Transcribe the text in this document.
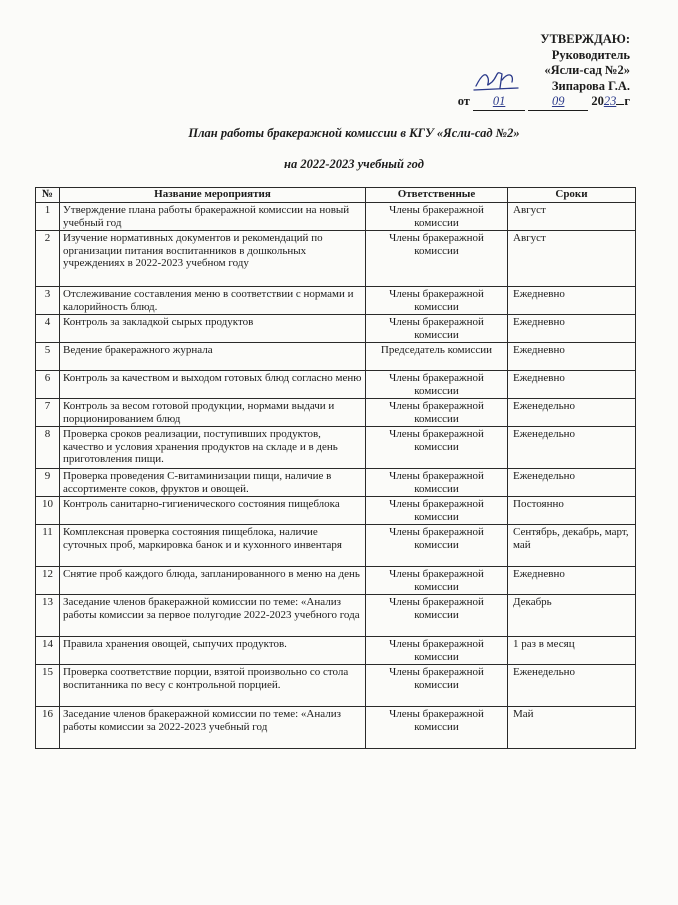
УТВЕРЖДАЮ:
Руководитель
«Ясли-сад №2»
Зипарова Г.А.
от 01	09 2023 г
План работы бракеражной комиссии в КГУ «Ясли-сад №2»
на 2022-2023 учебный год
№	Название мероприятия	Ответственные	Сроки
1	Утверждение плана работы бракеражной комиссии на новый учебный год	Члены бракеражной комиссии	Август
2	Изучение нормативных документов и рекомендаций по организации питания воспитанников в дошкольных учреждениях в 2022-2023 учебном году	Члены бракеражной комиссии	Август
3	Отслеживание составления меню в соответствии с нормами и калорийность блюд.	Члены бракеражной комиссии	Ежедневно
4	Контроль за закладкой сырых продуктов	Члены бракеражной комиссии	Ежедневно
5	Ведение бракеражного журнала	Председатель комиссии	Ежедневно
6	Контроль за качеством и выходом готовых блюд согласно меню	Члены бракеражной комиссии	Ежедневно
7	Контроль за весом готовой продукции, нормами выдачи и порционированием блюд	Члены бракеражной комиссии	Еженедельно
8	Проверка сроков реализации, поступивших продуктов, качество и условия хранения продуктов на складе и в день приготовления пищи.	Члены бракеражной комиссии	Еженедельно
9	Проверка проведения С-витаминизации пищи, наличие в ассортименте соков, фруктов и овощей.	Члены бракеражной комиссии	Еженедельно
10	Контроль санитарно-гигиенического состояния пищеблока	Члены бракеражной комиссии	Постоянно
11	Комплексная проверка состояния пищеблока, наличие суточных проб, маркировка банок и и кухонного инвентаря	Члены бракеражной комиссии	Сентябрь, декабрь, март, май
12	Снятие проб каждого блюда, запланированного в меню на день	Члены бракеражной комиссии	Ежедневно
13	Заседание членов бракеражной комиссии по теме: «Анализ работы комиссии за первое полугодие 2022-2023 учебного года	Члены бракеражной комиссии	Декабрь
14	Правила хранения овощей, сыпучих продуктов.	Члены бракеражной комиссии	1 раз в месяц
15	Проверка соответствие порции, взятой произвольно со стола воспитанника по весу с контрольной порцией.	Члены бракеражной комиссии	Еженедельно
16	Заседание членов бракеражной комиссии по теме: «Анализ работы комиссии за 2022-2023 учебный год	Члены бракеражной комиссии	Май
